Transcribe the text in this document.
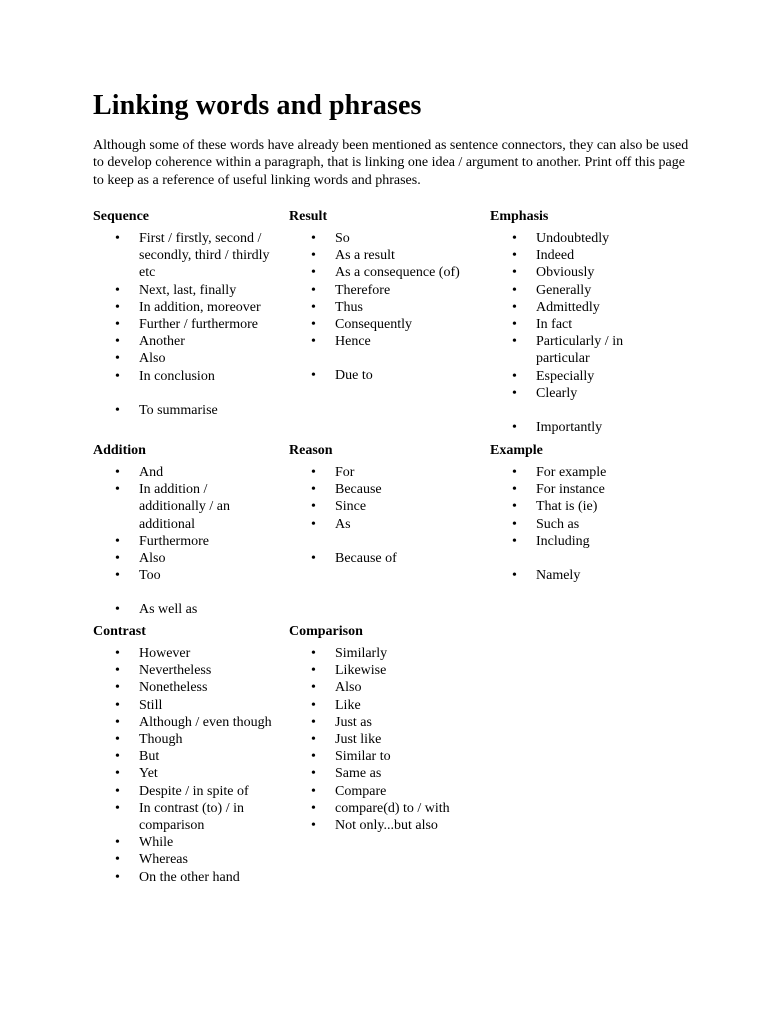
Linking words and phrases

Although some of these words have already been mentioned as sentence connectors, they can also be used to develop coherence within a paragraph, that is linking one idea / argument to another. Print off this page to keep as a reference of useful linking words and phrases.

Sequence
• First / firstly, second / secondly, third / thirdly etc
• Next, last, finally
• In addition, moreover
• Further / furthermore
• Another
• Also
• In conclusion
• To summarise
Result
• So
• As a result
• As a consequence (of)
• Therefore
• Thus
• Consequently
• Hence
• Due to
Emphasis
• Undoubtedly
• Indeed
• Obviously
• Generally
• Admittedly
• In fact
• Particularly / in particular
• Especially
• Clearly
• Importantly
Addition
• And
• In addition / additionally / an additional
• Furthermore
• Also
• Too
• As well as
Reason
• For
• Because
• Since
• As
• Because of
Example
• For example
• For instance
• That is (ie)
• Such as
• Including
• Namely
Contrast
• However
• Nevertheless
• Nonetheless
• Still
• Although / even though
• Though
• But
• Yet
• Despite / in spite of
• In contrast (to) / in comparison
• While
• Whereas
• On the other hand
Comparison
• Similarly
• Likewise
• Also
• Like
• Just as
• Just like
• Similar to
• Same as
• Compare
• compare(d) to / with
• Not only...but also
